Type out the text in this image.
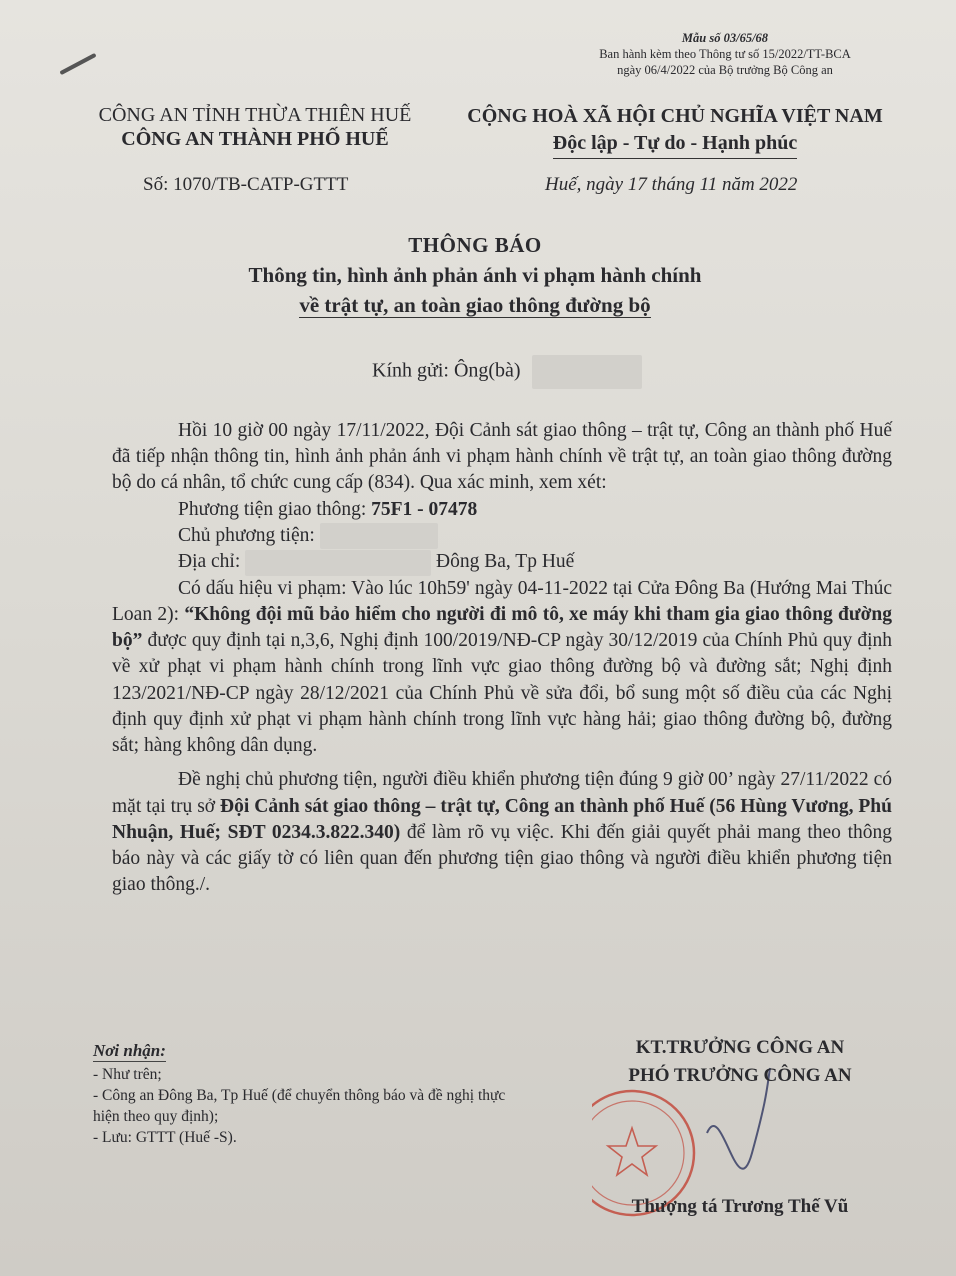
Mẫu số 03/65/68
Ban hành kèm theo Thông tư số 15/2022/TT-BCA
ngày 06/4/2022 của Bộ trưởng Bộ Công an
CÔNG AN TỈNH THỪA THIÊN HUẾ
CÔNG AN THÀNH PHỐ HUẾ
CỘNG HOÀ XÃ HỘI CHỦ NGHĨA VIỆT NAM
Độc lập - Tự do - Hạnh phúc
Số: 1070/TB-CATP-GTTT	Huế, ngày 17 tháng 11 năm 2022
THÔNG BÁO
Thông tin, hình ảnh phản ánh vi phạm hành chính
về trật tự, an toàn giao thông đường bộ
Kính gửi: Ông(bà)

Hồi 10 giờ 00 ngày 17/11/2022, Đội Cảnh sát giao thông – trật tự, Công an thành phố Huế đã tiếp nhận thông tin, hình ảnh phản ánh vi phạm hành chính về trật tự, an toàn giao thông đường bộ do cá nhân, tổ chức cung cấp (834). Qua xác minh, xem xét:

Phương tiện giao thông: 75F1 - 07478

Chủ phương tiện:

Địa chỉ:	Đông Ba, Tp Huế

Có dấu hiệu vi phạm: Vào lúc 10h59' ngày 04-11-2022 tại Cửa Đông Ba (Hướng Mai Thúc Loan 2): “Không đội mũ bảo hiểm cho người đi mô tô, xe máy khi tham gia giao thông đường bộ” được quy định tại n,3,6, Nghị định 100/2019/NĐ-CP ngày 30/12/2019 của Chính Phủ quy định về xử phạt vi phạm hành chính trong lĩnh vực giao thông đường bộ và đường sắt; Nghị định 123/2021/NĐ-CP ngày 28/12/2021 của Chính Phủ về sửa đổi, bổ sung một số điều của các Nghị định quy định xử phạt vi phạm hành chính trong lĩnh vực hàng hải; giao thông đường bộ, đường sắt; hàng không dân dụng.

Đề nghị chủ phương tiện, người điều khiển phương tiện đúng 9 giờ 00’ ngày 27/11/2022 có mặt tại trụ sở Đội Cảnh sát giao thông – trật tự, Công an thành phố Huế (56 Hùng Vương, Phú Nhuận, Huế; SĐT 0234.3.822.340) để làm rõ vụ việc. Khi đến giải quyết phải mang theo thông báo này và các giấy tờ có liên quan đến phương tiện giao thông và người điều khiển phương tiện giao thông./.

Nơi nhận:
- Như trên;
- Công an Đông Ba, Tp Huế (để chuyển thông báo và đề nghị thực hiện theo quy định);
- Lưu: GTTT (Huế -S).
KT.TRƯỞNG CÔNG AN
PHÓ TRƯỞNG CÔNG AN
Thượng tá Trương Thế Vũ
